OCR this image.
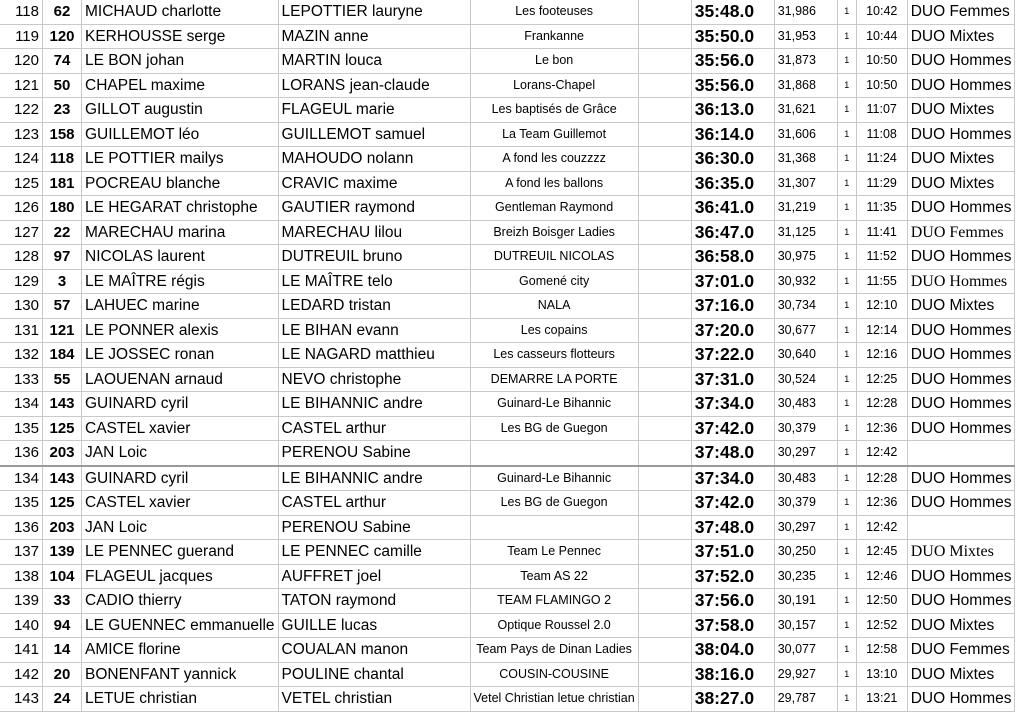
118	62	MICHAUD charlotte	LEPOTTIER lauryne	Les footeuses		35:48.0	31,986	1	10:42	DUO Femmes
119	120	KERHOUSSE serge	MAZIN anne	Frankanne		35:50.0	31,953	1	10:44	DUO Mixtes
120	74	LE BON johan	MARTIN louca	Le bon		35:56.0	31,873	1	10:50	DUO Hommes
121	50	CHAPEL maxime	LORANS jean-claude	Lorans-Chapel		35:56.0	31,868	1	10:50	DUO Hommes
122	23	GILLOT augustin	FLAGEUL marie	Les baptisés de Grâce		36:13.0	31,621	1	11:07	DUO Mixtes
123	158	GUILLEMOT léo	GUILLEMOT samuel	La Team Guillemot		36:14.0	31,606	1	11:08	DUO Hommes
124	118	LE POTTIER mailys	MAHOUDO nolann	A fond les couzzzz		36:30.0	31,368	1	11:24	DUO Mixtes
125	181	POCREAU blanche	CRAVIC maxime	A fond les ballons		36:35.0	31,307	1	11:29	DUO Mixtes
126	180	LE HEGARAT christophe	GAUTIER raymond	Gentleman Raymond		36:41.0	31,219	1	11:35	DUO Hommes
127	22	MARECHAU marina	MARECHAU lilou	Breizh Boisger Ladies		36:47.0	31,125	1	11:41	DUO Femmes
128	97	NICOLAS laurent	DUTREUIL bruno	DUTREUIL NICOLAS		36:58.0	30,975	1	11:52	DUO Hommes
129	3	LE MAÎTRE régis	LE MAÎTRE telo	Gomené city		37:01.0	30,932	1	11:55	DUO Hommes
130	57	LAHUEC marine	LEDARD tristan	NALA		37:16.0	30,734	1	12:10	DUO Mixtes
131	121	LE PONNER alexis	LE BIHAN evann	Les copains		37:20.0	30,677	1	12:14	DUO Hommes
132	184	LE JOSSEC ronan	LE NAGARD matthieu	Les casseurs flotteurs		37:22.0	30,640	1	12:16	DUO Hommes
133	55	LAOUENAN arnaud	NEVO christophe	DEMARRE LA PORTE		37:31.0	30,524	1	12:25	DUO Hommes
134	143	GUINARD cyril	LE BIHANNIC andre	Guinard-Le Bihannic		37:34.0	30,483	1	12:28	DUO Hommes
135	125	CASTEL xavier	CASTEL arthur	Les BG de Guegon		37:42.0	30,379	1	12:36	DUO Hommes
136	203	JAN Loic	PERENOU Sabine			37:48.0	30,297	1	12:42	
134	143	GUINARD cyril	LE BIHANNIC andre	Guinard-Le Bihannic		37:34.0	30,483	1	12:28	DUO Hommes
135	125	CASTEL xavier	CASTEL arthur	Les BG de Guegon		37:42.0	30,379	1	12:36	DUO Hommes
136	203	JAN Loic	PERENOU Sabine			37:48.0	30,297	1	12:42	
137	139	LE PENNEC guerand	LE PENNEC camille	Team Le Pennec		37:51.0	30,250	1	12:45	DUO Mixtes
138	104	FLAGEUL jacques	AUFFRET joel	Team AS 22		37:52.0	30,235	1	12:46	DUO Hommes
139	33	CADIO thierry	TATON raymond	TEAM FLAMINGO 2		37:56.0	30,191	1	12:50	DUO Hommes
140	94	LE GUENNEC emmanuelle	GUILLE lucas	Optique Roussel 2.0		37:58.0	30,157	1	12:52	DUO Mixtes
141	14	AMICE florine	COUALAN manon	Team Pays de Dinan Ladies		38:04.0	30,077	1	12:58	DUO Femmes
142	20	BONENFANT yannick	POULINE chantal	COUSIN-COUSINE		38:16.0	29,927	1	13:10	DUO Mixtes
143	24	LETUE christian	VETEL christian	Vetel Christian letue christian		38:27.0	29,787	1	13:21	DUO Hommes
